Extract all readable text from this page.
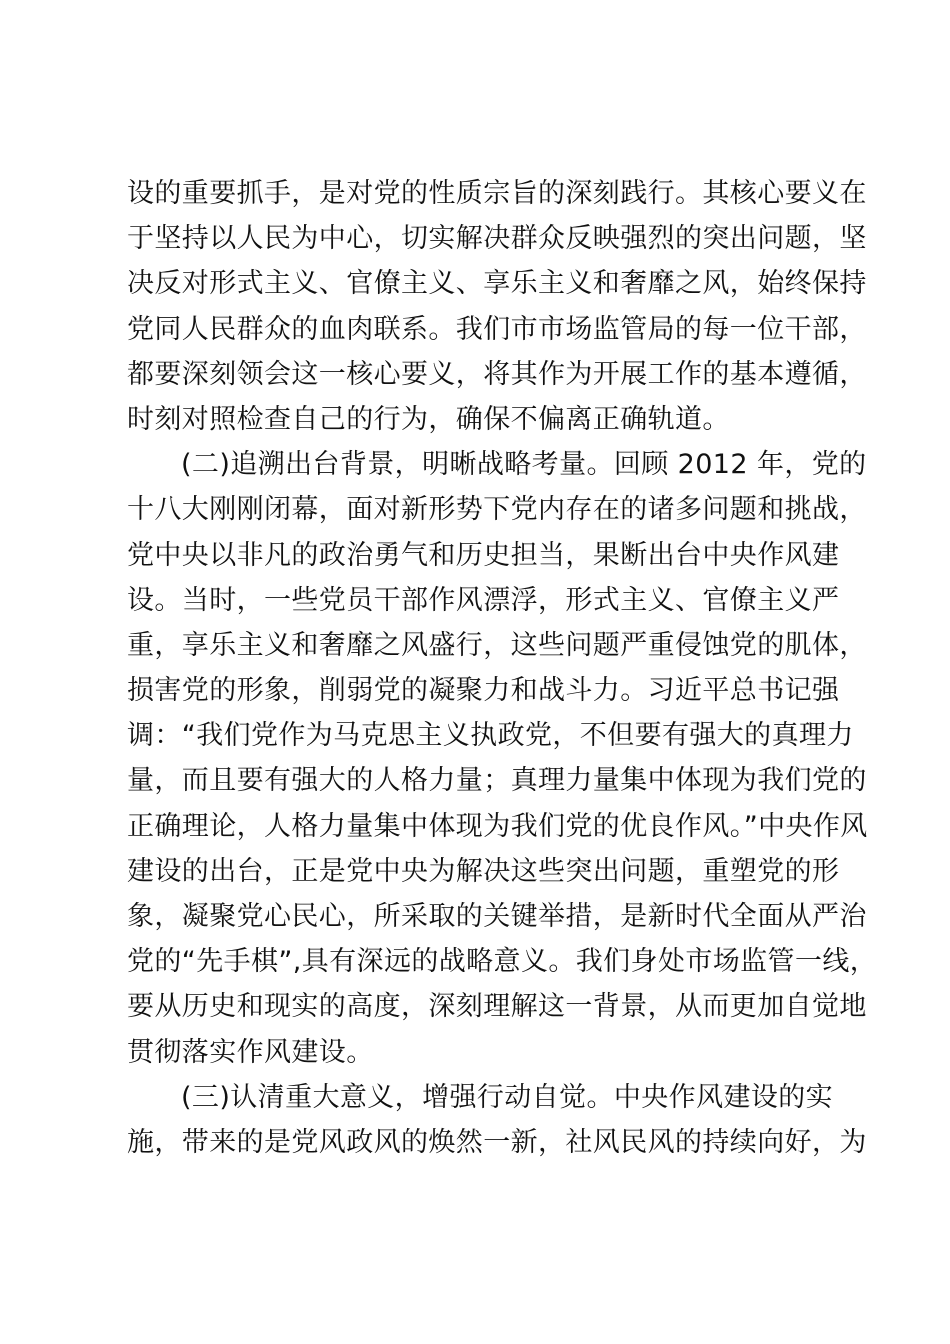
设的重要抓手，是对党的性质宗旨的深刻践行。其核心要义在
于坚持以人民为中心，切实解决群众反映强烈的突出问题，坚
决反对形式主义、官僚主义、享乐主义和奢靡之风，始终保持
党同人民群众的血肉联系。我们市市场监管局的每一位干部，
都要深刻领会这一核心要义，将其作为开展工作的基本遵循，
时刻对照检查自己的行为，确保不偏离正确轨道。
(二)追溯出台背景，明晰战略考量。回顾 2012 年，党的
十八大刚刚闭幕，面对新形势下党内存在的诸多问题和挑战，
党中央以非凡的政治勇气和历史担当，果断出台中央作风建
设。当时，一些党员干部作风漂浮，形式主义、官僚主义严
重，享乐主义和奢靡之风盛行，这些问题严重侵蚀党的肌体，
损害党的形象，削弱党的凝聚力和战斗力。习近平总书记强
调：“我们党作为马克思主义执政党，不但要有强大的真理力
量，而且要有强大的人格力量；真理力量集中体现为我们党的
正确理论，人格力量集中体现为我们党的优良作风。”中央作风
建设的出台，正是党中央为解决这些突出问题，重塑党的形
象，凝聚党心民心，所采取的关键举措，是新时代全面从严治
党的“先手棋”,具有深远的战略意义。我们身处市场监管一线，
要从历史和现实的高度，深刻理解这一背景，从而更加自觉地
贯彻落实作风建设。
(三)认清重大意义，增强行动自觉。中央作风建设的实
施，带来的是党风政风的焕然一新，社风民风的持续向好，为
